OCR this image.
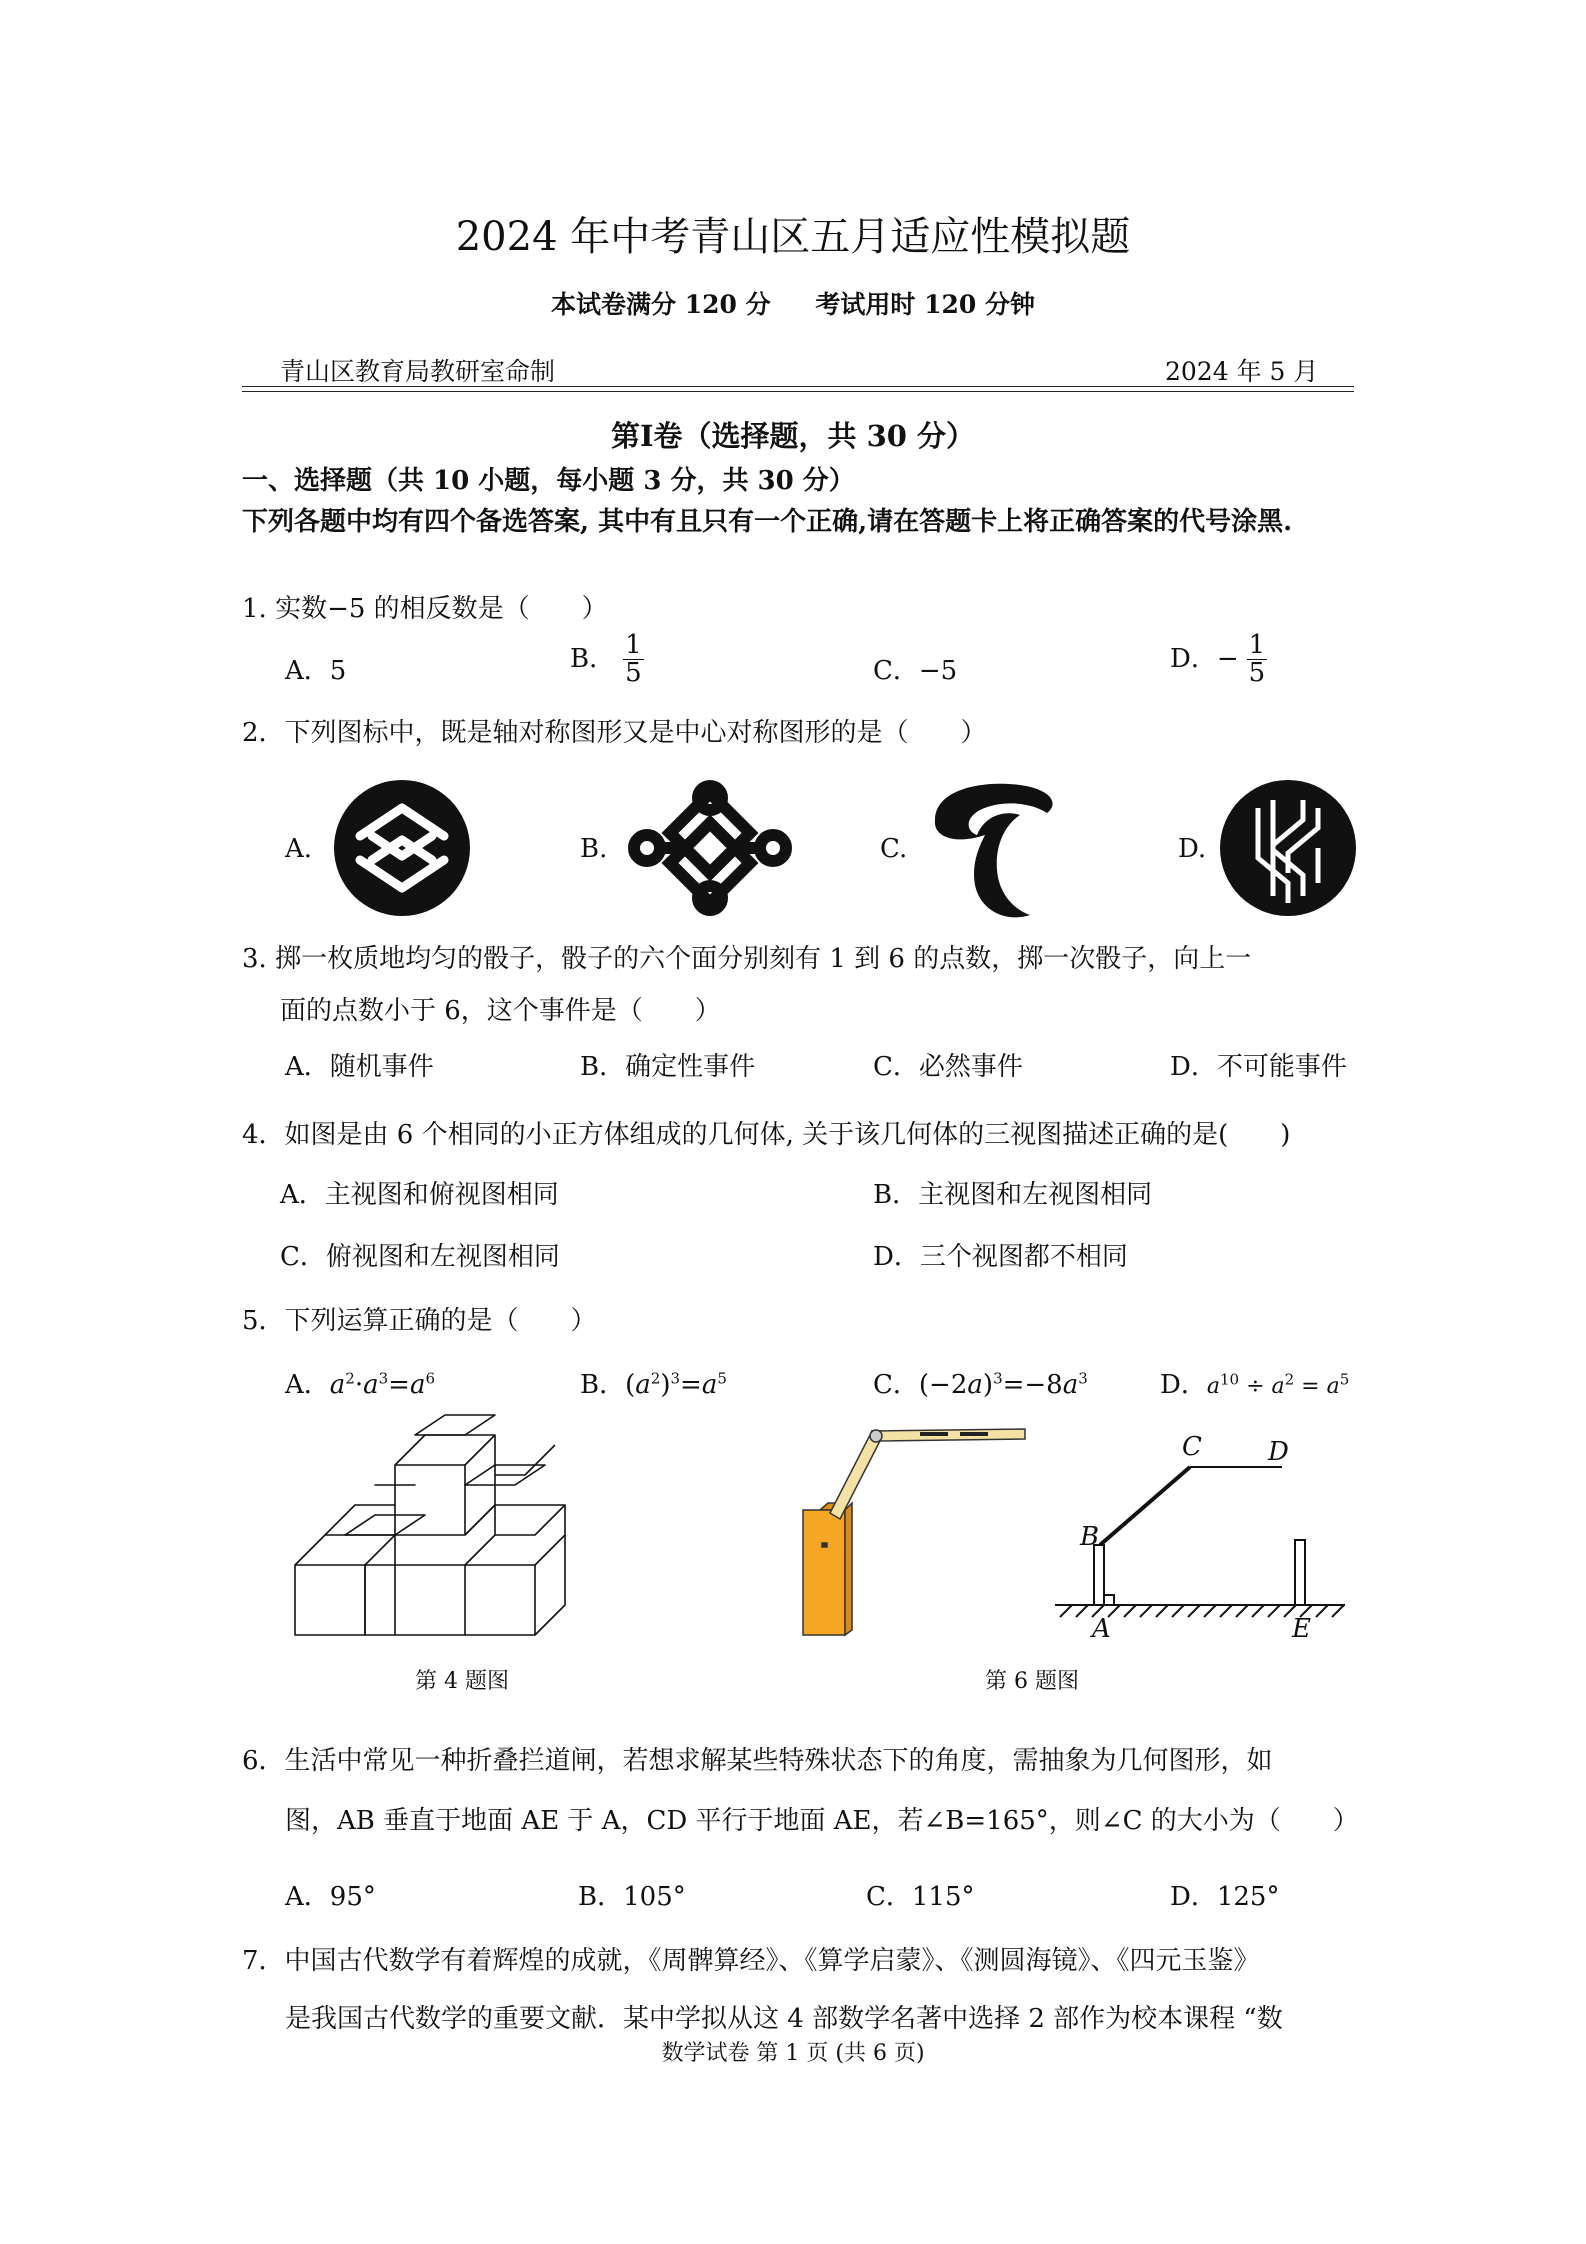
2024 年中考青山区五月适应性模拟题
本试卷满分 120 分 考试用时 120 分钟
青山区教育局教研室命制	2024 年 5 月
第Ⅰ卷（选择题，共 30 分）
一、选择题（共 10 小题，每小题 3 分，共 30 分）
下列各题中均有四个备选答案, 其中有且只有一个正确,请在答题卡上将正确答案的代号涂黑.
1. 实数−5 的相反数是（　　）
A．5	B． $\frac{1}{5}$	C．−5	D．− $\frac{1}{5}$
2．下列图标中，既是轴对称图形又是中心对称图形的是（　　）
A.	B.	C.	D.
3. 掷一枚质地均匀的骰子，骰子的六个面分别刻有 1 到 6 的点数，掷一次骰子，向上一
面的点数小于 6，这个事件是（　　）
A．随机事件	B．确定性事件	C．必然事件	D．不可能事件
4．如图是由 6 个相同的小正方体组成的几何体, 关于该几何体的三视图描述正确的是(　　)
A．主视图和俯视图相同	B．主视图和左视图相同
C．俯视图和左视图相同	D．三个视图都不相同
5．下列运算正确的是（　　）
A．$a^2\cdot a^3=a^6$	B．$(a^2)^3=a^5$	C．$(-2a)^3=-8a^3$	D．$a^{10} \div a^2 = a^5$
第 4 题图
C	D
B
A	E
第 6 题图
6．生活中常见一种折叠拦道闸，若想求解某些特殊状态下的角度，需抽象为几何图形，如
图，AB 垂直于地面 AE 于 A，CD 平行于地面 AE，若∠B=165°，则∠C 的大小为（　　）
A．95°	B．105°	C．115°	D．125°
7．中国古代数学有着辉煌的成就，《周髀算经》、《算学启蒙》、《测圆海镜》、《四元玉鉴》
是我国古代数学的重要文献．某中学拟从这 4 部数学名著中选择 2 部作为校本课程 “数
数学试卷 第 1 页 (共 6 页)
